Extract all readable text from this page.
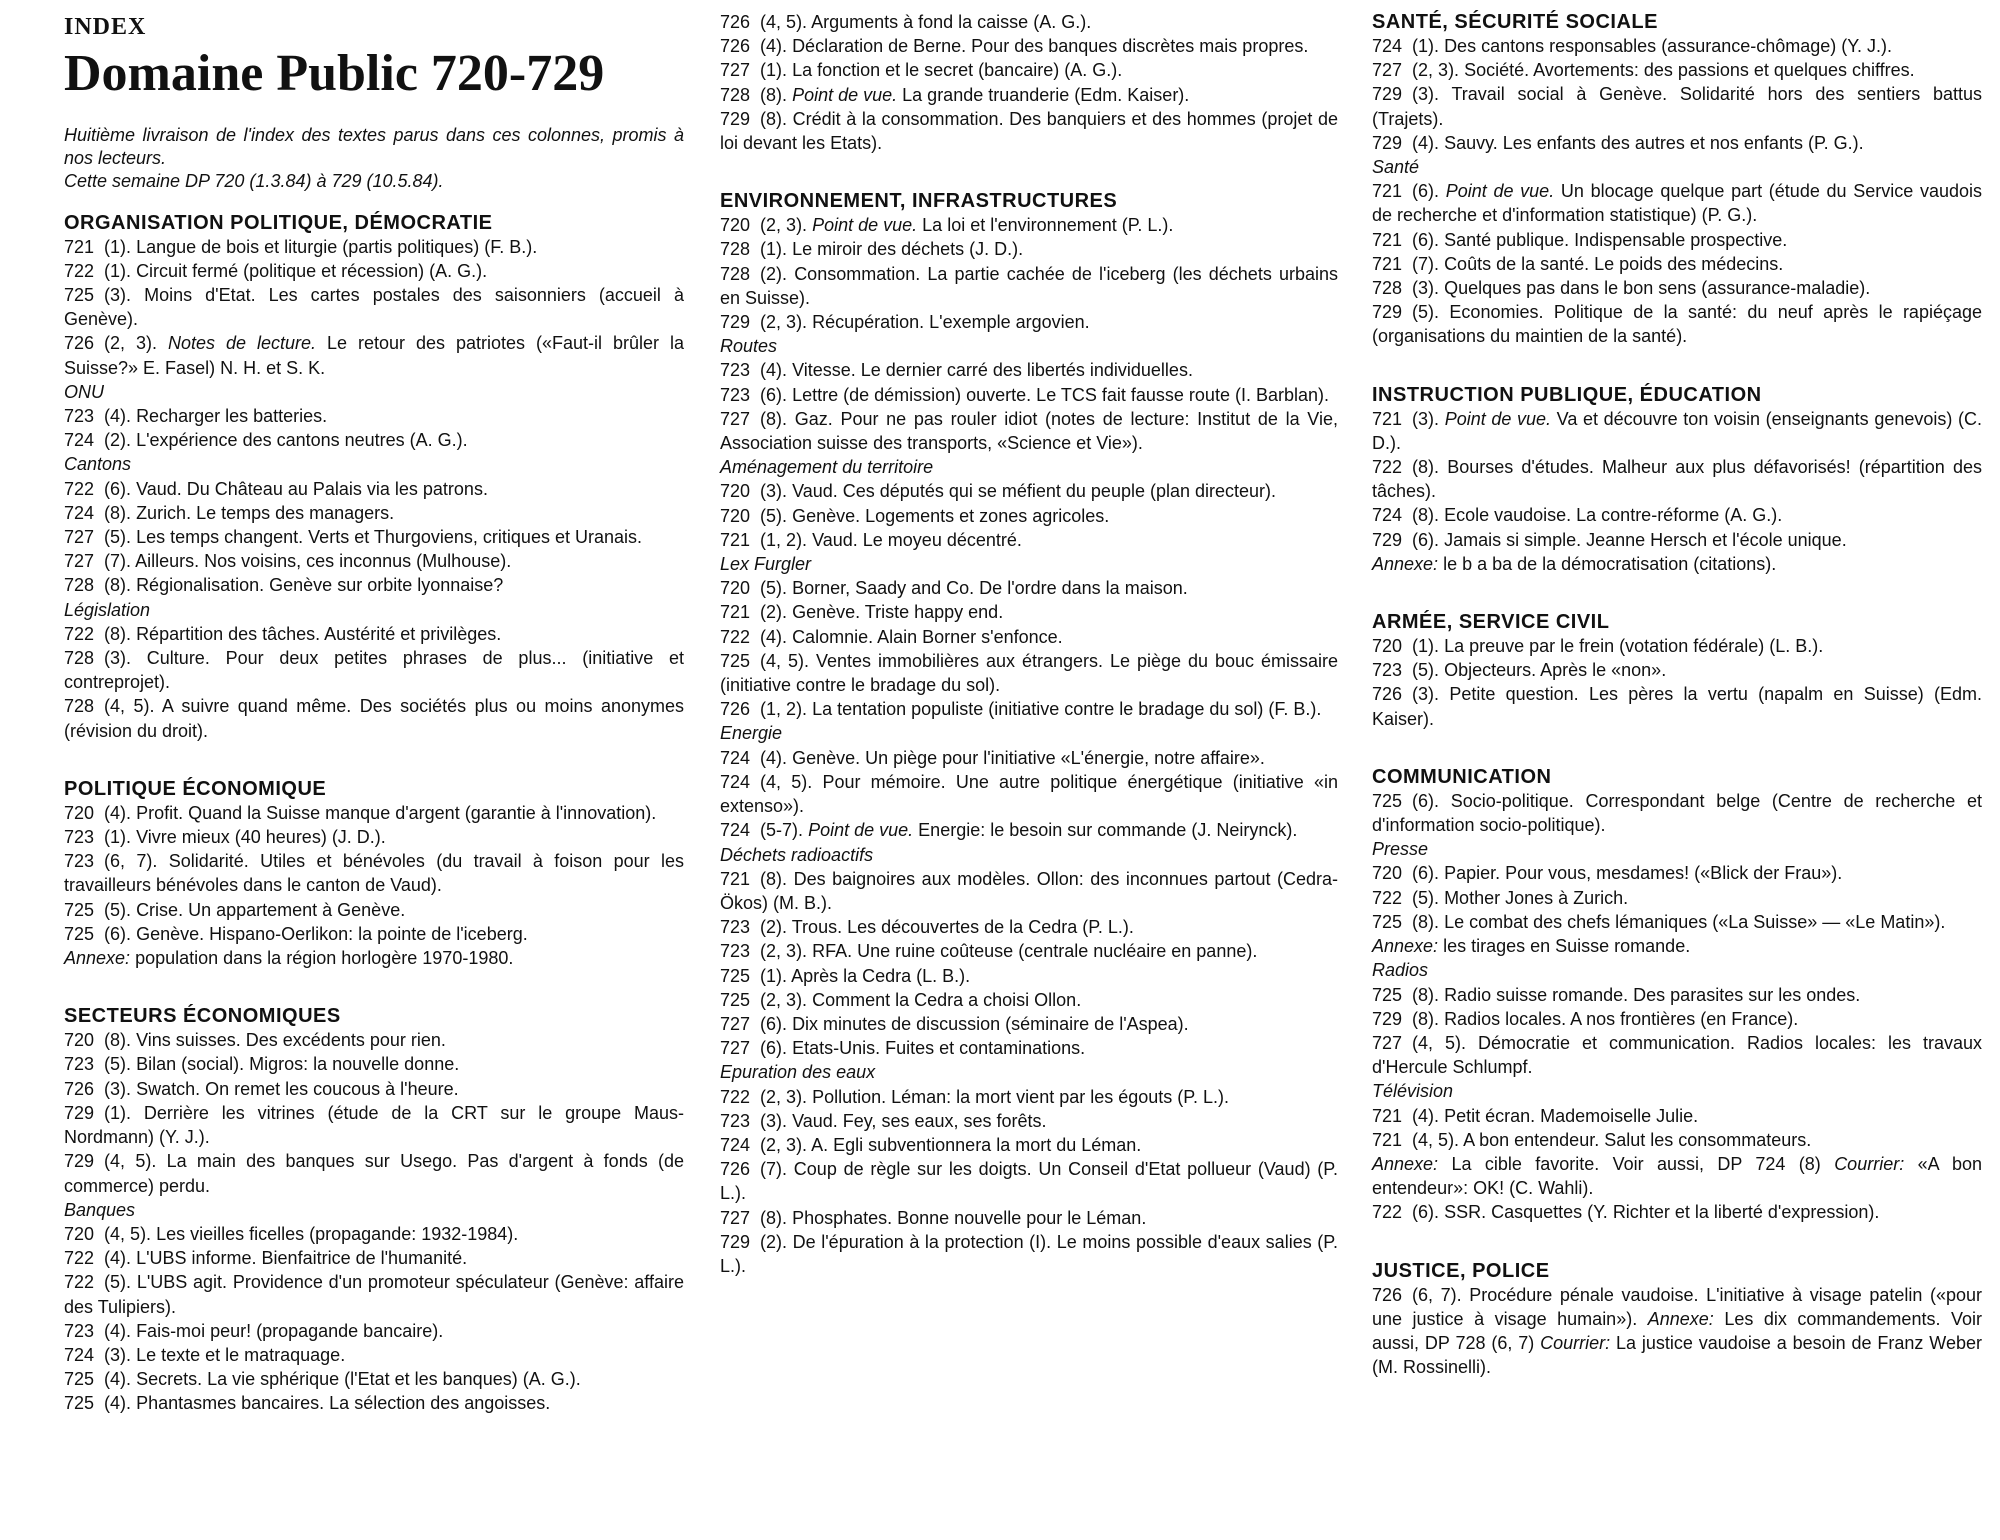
INDEX
Domaine Public 720-729
Huitième livraison de l'index des textes parus dans ces colonnes, promis à nos lecteurs.
Cette semaine DP 720 (1.3.84) à 729 (10.5.84).
ORGANISATION POLITIQUE, DÉMOCRATIE
721 (1). Langue de bois et liturgie (partis politiques) (F. B.).
722 (1). Circuit fermé (politique et récession) (A. G.).
725 (3). Moins d'Etat. Les cartes postales des saisonniers (accueil à Genève).
726 (2, 3). Notes de lecture. Le retour des patriotes («Faut-il brûler la Suisse?» E. Fasel) N. H. et S. K.
ONU
723 (4). Recharger les batteries.
724 (2). L'expérience des cantons neutres (A. G.).
Cantons
722 (6). Vaud. Du Château au Palais via les patrons.
724 (8). Zurich. Le temps des managers.
727 (5). Les temps changent. Verts et Thurgoviens, critiques et Uranais.
727 (7). Ailleurs. Nos voisins, ces inconnus (Mulhouse).
728 (8). Régionalisation. Genève sur orbite lyonnaise?
Législation
722 (8). Répartition des tâches. Austérité et privilèges.
728 (3). Culture. Pour deux petites phrases de plus... (initiative et contreprojet).
728 (4, 5). A suivre quand même. Des sociétés plus ou moins anonymes (révision du droit).
POLITIQUE ÉCONOMIQUE
720 (4). Profit. Quand la Suisse manque d'argent (garantie à l'innovation).
723 (1). Vivre mieux (40 heures) (J. D.).
723 (6, 7). Solidarité. Utiles et bénévoles (du travail à foison pour les travailleurs bénévoles dans le canton de Vaud).
725 (5). Crise. Un appartement à Genève.
725 (6). Genève. Hispano-Oerlikon: la pointe de l'iceberg.
Annexe: population dans la région horlogère 1970-1980.
SECTEURS ÉCONOMIQUES
720 (8). Vins suisses. Des excédents pour rien.
723 (5). Bilan (social). Migros: la nouvelle donne.
726 (3). Swatch. On remet les coucous à l'heure.
729 (1). Derrière les vitrines (étude de la CRT sur le groupe Maus-Nordmann) (Y. J.).
729 (4, 5). La main des banques sur Usego. Pas d'argent à fonds (de commerce) perdu.
Banques
720 (4, 5). Les vieilles ficelles (propagande: 1932-1984).
722 (4). L'UBS informe. Bienfaitrice de l'humanité.
722 (5). L'UBS agit. Providence d'un promoteur spéculateur (Genève: affaire des Tulipiers).
723 (4). Fais-moi peur! (propagande bancaire).
724 (3). Le texte et le matraquage.
725 (4). Secrets. La vie sphérique (l'Etat et les banques) (A. G.).
725 (4). Phantasmes bancaires. La sélection des angoisses.
726 (4, 5). Arguments à fond la caisse (A. G.).
726 (4). Déclaration de Berne. Pour des banques discrètes mais propres.
727 (1). La fonction et le secret (bancaire) (A. G.).
728 (8). Point de vue. La grande truanderie (Edm. Kaiser).
729 (8). Crédit à la consommation. Des banquiers et des hommes (projet de loi devant les Etats).
ENVIRONNEMENT, INFRASTRUCTURES
720 (2, 3). Point de vue. La loi et l'environnement (P. L.).
728 (1). Le miroir des déchets (J. D.).
728 (2). Consommation. La partie cachée de l'iceberg (les déchets urbains en Suisse).
729 (2, 3). Récupération. L'exemple argovien.
Routes
723 (4). Vitesse. Le dernier carré des libertés individuelles.
723 (6). Lettre (de démission) ouverte. Le TCS fait fausse route (I. Barblan).
727 (8). Gaz. Pour ne pas rouler idiot (notes de lecture: Institut de la Vie, Association suisse des transports, «Science et Vie»).
Aménagement du territoire
720 (3). Vaud. Ces députés qui se méfient du peuple (plan directeur).
720 (5). Genève. Logements et zones agricoles.
721 (1, 2). Vaud. Le moyeu décentré.
Lex Furgler
720 (5). Borner, Saady and Co. De l'ordre dans la maison.
721 (2). Genève. Triste happy end.
722 (4). Calomnie. Alain Borner s'enfonce.
725 (4, 5). Ventes immobilières aux étrangers. Le piège du bouc émissaire (initiative contre le bradage du sol).
726 (1, 2). La tentation populiste (initiative contre le bradage du sol) (F. B.).
Energie
724 (4). Genève. Un piège pour l'initiative «L'énergie, notre affaire».
724 (4, 5). Pour mémoire. Une autre politique énergétique (initiative «in extenso»).
724 (5-7). Point de vue. Energie: le besoin sur commande (J. Neirynck).
Déchets radioactifs
721 (8). Des baignoires aux modèles. Ollon: des inconnues partout (Cedra-Ökos) (M. B.).
723 (2). Trous. Les découvertes de la Cedra (P. L.).
723 (2, 3). RFA. Une ruine coûteuse (centrale nucléaire en panne).
725 (1). Après la Cedra (L. B.).
725 (2, 3). Comment la Cedra a choisi Ollon.
727 (6). Dix minutes de discussion (séminaire de l'Aspea).
727 (6). Etats-Unis. Fuites et contaminations.
Epuration des eaux
722 (2, 3). Pollution. Léman: la mort vient par les égouts (P. L.).
723 (3). Vaud. Fey, ses eaux, ses forêts.
724 (2, 3). A. Egli subventionnera la mort du Léman.
726 (7). Coup de règle sur les doigts. Un Conseil d'Etat pollueur (Vaud) (P. L.).
727 (8). Phosphates. Bonne nouvelle pour le Léman.
729 (2). De l'épuration à la protection (I). Le moins possible d'eaux salies (P. L.).
SANTÉ, SÉCURITÉ SOCIALE
724 (1). Des cantons responsables (assurance-chômage) (Y. J.).
727 (2, 3). Société. Avortements: des passions et quelques chiffres.
729 (3). Travail social à Genève. Solidarité hors des sentiers battus (Trajets).
729 (4). Sauvy. Les enfants des autres et nos enfants (P. G.).
Santé
721 (6). Point de vue. Un blocage quelque part (étude du Service vaudois de recherche et d'information statistique) (P. G.).
721 (6). Santé publique. Indispensable prospective.
721 (7). Coûts de la santé. Le poids des médecins.
728 (3). Quelques pas dans le bon sens (assurance-maladie).
729 (5). Economies. Politique de la santé: du neuf après le rapiéçage (organisations du maintien de la santé).
INSTRUCTION PUBLIQUE, ÉDUCATION
721 (3). Point de vue. Va et découvre ton voisin (enseignants genevois) (C. D.).
722 (8). Bourses d'études. Malheur aux plus défavorisés! (répartition des tâches).
724 (8). Ecole vaudoise. La contre-réforme (A. G.).
729 (6). Jamais si simple. Jeanne Hersch et l'école unique.
Annexe: le b a ba de la démocratisation (citations).
ARMÉE, SERVICE CIVIL
720 (1). La preuve par le frein (votation fédérale) (L. B.).
723 (5). Objecteurs. Après le «non».
726 (3). Petite question. Les pères la vertu (napalm en Suisse) (Edm. Kaiser).
COMMUNICATION
725 (6). Socio-politique. Correspondant belge (Centre de recherche et d'information socio-politique).
Presse
720 (6). Papier. Pour vous, mesdames! («Blick der Frau»).
722 (5). Mother Jones à Zurich.
725 (8). Le combat des chefs lémaniques («La Suisse» — «Le Matin»).
Annexe: les tirages en Suisse romande.
Radios
725 (8). Radio suisse romande. Des parasites sur les ondes.
729 (8). Radios locales. A nos frontières (en France).
727 (4, 5). Démocratie et communication. Radios locales: les travaux d'Hercule Schlumpf.
Télévision
721 (4). Petit écran. Mademoiselle Julie.
721 (4, 5). A bon entendeur. Salut les consommateurs.
Annexe: La cible favorite. Voir aussi, DP 724 (8) Courrier: «A bon entendeur»: OK! (C. Wahli).
722 (6). SSR. Casquettes (Y. Richter et la liberté d'expression).
JUSTICE, POLICE
726 (6, 7). Procédure pénale vaudoise. L'initiative à visage patelin («pour une justice à visage humain»). Annexe: Les dix commandements. Voir aussi, DP 728 (6, 7) Courrier: La justice vaudoise a besoin de Franz Weber (M. Rossinelli).
